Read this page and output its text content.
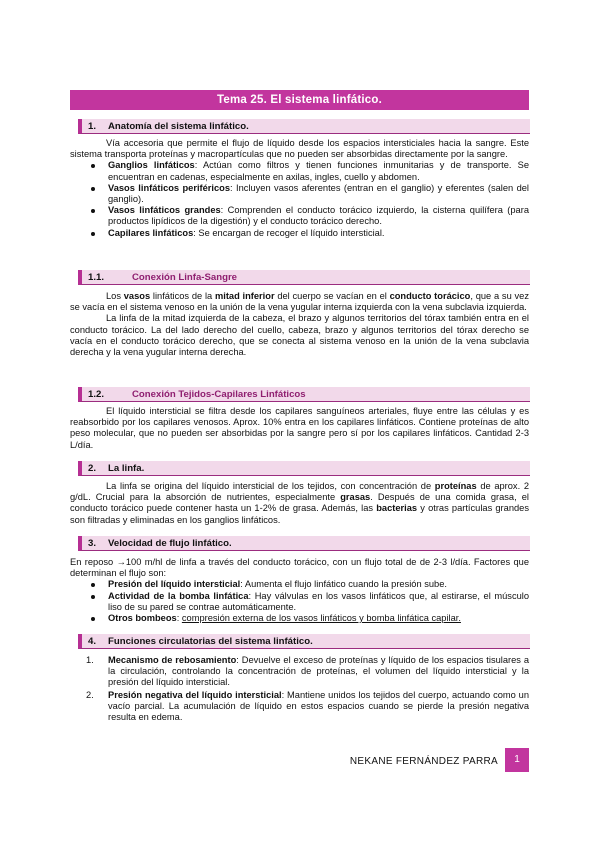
Tema 25. El sistema linfático.
1. Anatomía del sistema linfático.

Vía accesoria que permite el flujo de líquido desde los espacios intersticiales hacia la sangre. Este sistema transporta proteínas y macropartículas que no pueden ser absorbidas directamente por la sangre.

Ganglios linfáticos: Actúan como filtros y tienen funciones inmunitarias y de transporte. Se encuentran en cadenas, especialmente en axilas, ingles, cuello y abdomen.
Vasos linfáticos periféricos: Incluyen vasos aferentes (entran en el ganglio) y eferentes (salen del ganglio).
Vasos linfáticos grandes: Comprenden el conducto torácico izquierdo, la cisterna quilífera (para productos lipídicos de la digestión) y el conducto torácico derecho.
Capilares linfáticos: Se encargan de recoger el líquido intersticial.
1.1.	Conexión Linfa-Sangre

Los vasos linfáticos de la mitad inferior del cuerpo se vacían en el conducto torácico, que a su vez se vacía en el sistema venoso en la unión de la vena yugular interna izquierda con la vena subclavia izquierda.

La linfa de la mitad izquierda de la cabeza, el brazo y algunos territorios del tórax también entra en el conducto torácico. La del lado derecho del cuello, cabeza, brazo y algunos territorios del tórax derecho se vacía en el conducto torácico derecho, que se conecta al sistema venoso en la unión de la vena subclavia derecha y la vena yugular interna derecha.

1.2.	Conexión Tejidos-Capilares Linfáticos

El líquido intersticial se filtra desde los capilares sanguíneos arteriales, fluye entre las células y es reabsorbido por los capilares venosos. Aprox. 10% entra en los capilares linfáticos. Contiene proteínas de alto peso molecular, que no pueden ser absorbidas por la sangre pero sí por los capilares linfáticos. Cantidad 2-3 L/día.

2. La linfa.

La linfa se origina del líquido intersticial de los tejidos, con concentración de proteínas de aprox. 2 g/dL. Crucial para la absorción de nutrientes, especialmente grasas. Después de una comida grasa, el conducto torácico puede contener hasta un 1-2% de grasa. Además, las bacterias y otras partículas grandes son filtradas y eliminadas en los ganglios linfáticos.

3. Velocidad de flujo linfático.

En reposo →100 m/hl de linfa a través del conducto torácico, con un flujo total de de 2-3 l/día. Factores que determinan el flujo son:

Presión del líquido intersticial: Aumenta el flujo linfático cuando la presión sube.
Actividad de la bomba linfática: Hay válvulas en los vasos linfáticos que, al estirarse, el músculo liso de su pared se contrae automáticamente.
Otros bombeos: compresión externa de los vasos linfáticos y bomba linfática capilar.
4. Funciones circulatorias del sistema linfático.
1. Mecanismo de rebosamiento: Devuelve el exceso de proteínas y líquido de los espacios tisulares a la circulación, controlando la concentración de proteínas, el volumen del líquido intersticial y la presión del líquido intersticial.
2. Presión negativa del líquido intersticial: Mantiene unidos los tejidos del cuerpo, actuando como un vacío parcial. La acumulación de líquido en estos espacios cuando se pierde la presión negativa resulta en edema.
NEKANE FERNÁNDEZ PARRA	1
